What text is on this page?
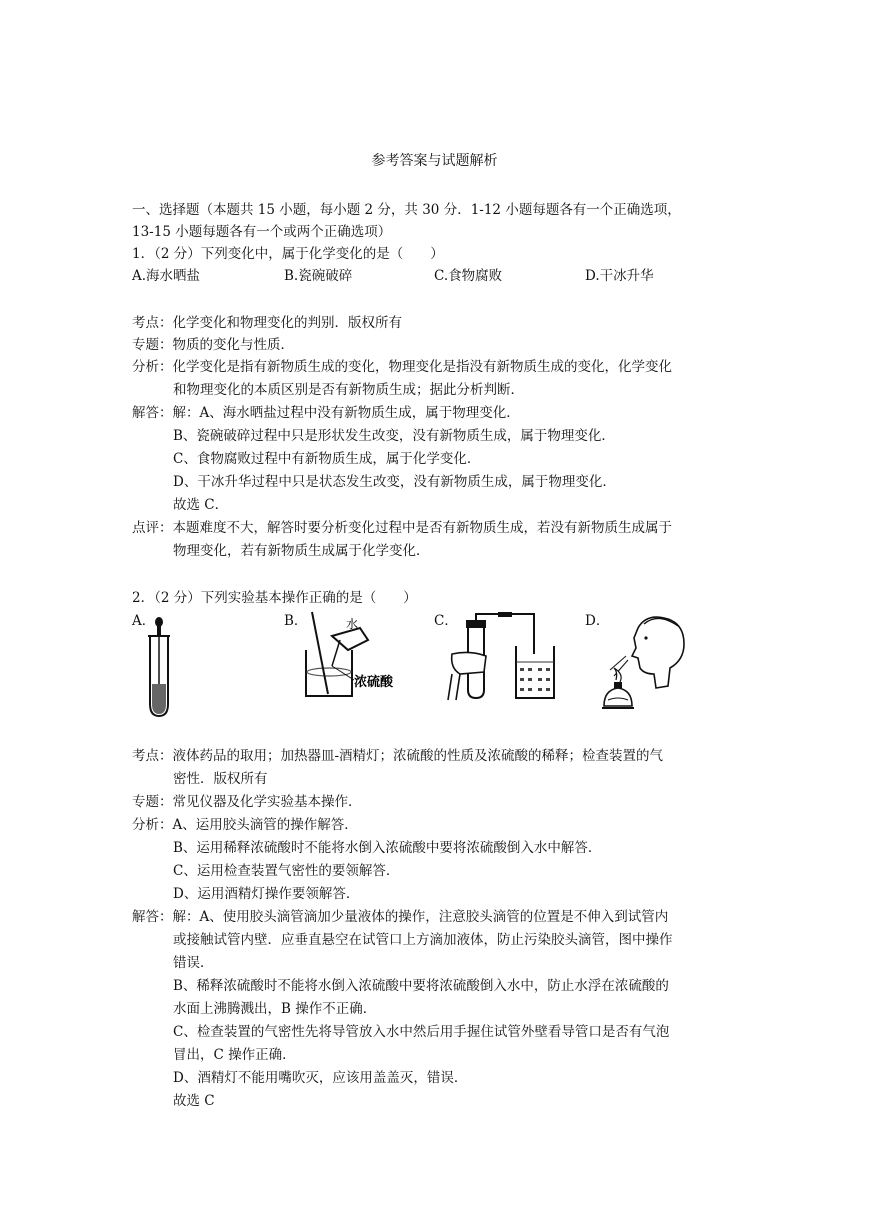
参考答案与试题解析
一、选择题（本题共 15 小题，每小题 2 分，共 30 分．1-12 小题每题各有一个正确选项，
13-15 小题每题各有一个或两个正确选项）
1．（2 分）下列变化中，属于化学变化的是（　　）
A.海水晒盐	B.瓷碗破碎	C.食物腐败	D.干冰升华
考点：化学变化和物理变化的判别．版权所有
专题：物质的变化与性质．
分析：化学变化是指有新物质生成的变化，物理变化是指没有新物质生成的变化，化学变化
和物理变化的本质区别是否有新物质生成；据此分析判断．
解答：解：A、海水晒盐过程中没有新物质生成，属于物理变化．
B、瓷碗破碎过程中只是形状发生改变，没有新物质生成，属于物理变化．
C、食物腐败过程中有新物质生成，属于化学变化．
D、干冰升华过程中只是状态发生改变，没有新物质生成，属于物理变化．
故选 C．
点评：本题难度不大，解答时要分析变化过程中是否有新物质生成，若没有新物质生成属于
物理变化，若有新物质生成属于化学变化．
2．（2 分）下列实验基本操作正确的是（　　）
A．	B．	C．	D．
水
浓硫酸
考点：液体药品的取用；加热器皿-酒精灯；浓硫酸的性质及浓硫酸的稀释；检查装置的气
密性．版权所有
专题：常见仪器及化学实验基本操作．
分析：A、运用胶头滴管的操作解答．
B、运用稀释浓硫酸时不能将水倒入浓硫酸中要将浓硫酸倒入水中解答．
C、运用检查装置气密性的要领解答．
D、运用酒精灯操作要领解答．
解答：解：A、使用胶头滴管滴加少量液体的操作，注意胶头滴管的位置是不伸入到试管内
或接触试管内壁．应垂直悬空在试管口上方滴加液体，防止污染胶头滴管，图中操作
错误．
B、稀释浓硫酸时不能将水倒入浓硫酸中要将浓硫酸倒入水中，防止水浮在浓硫酸的
水面上沸腾溅出，B 操作不正确．
C、检查装置的气密性先将导管放入水中然后用手握住试管外壁看导管口是否有气泡
冒出，C 操作正确．
D、酒精灯不能用嘴吹灭，应该用盖盖灭，错误．
故选 C
